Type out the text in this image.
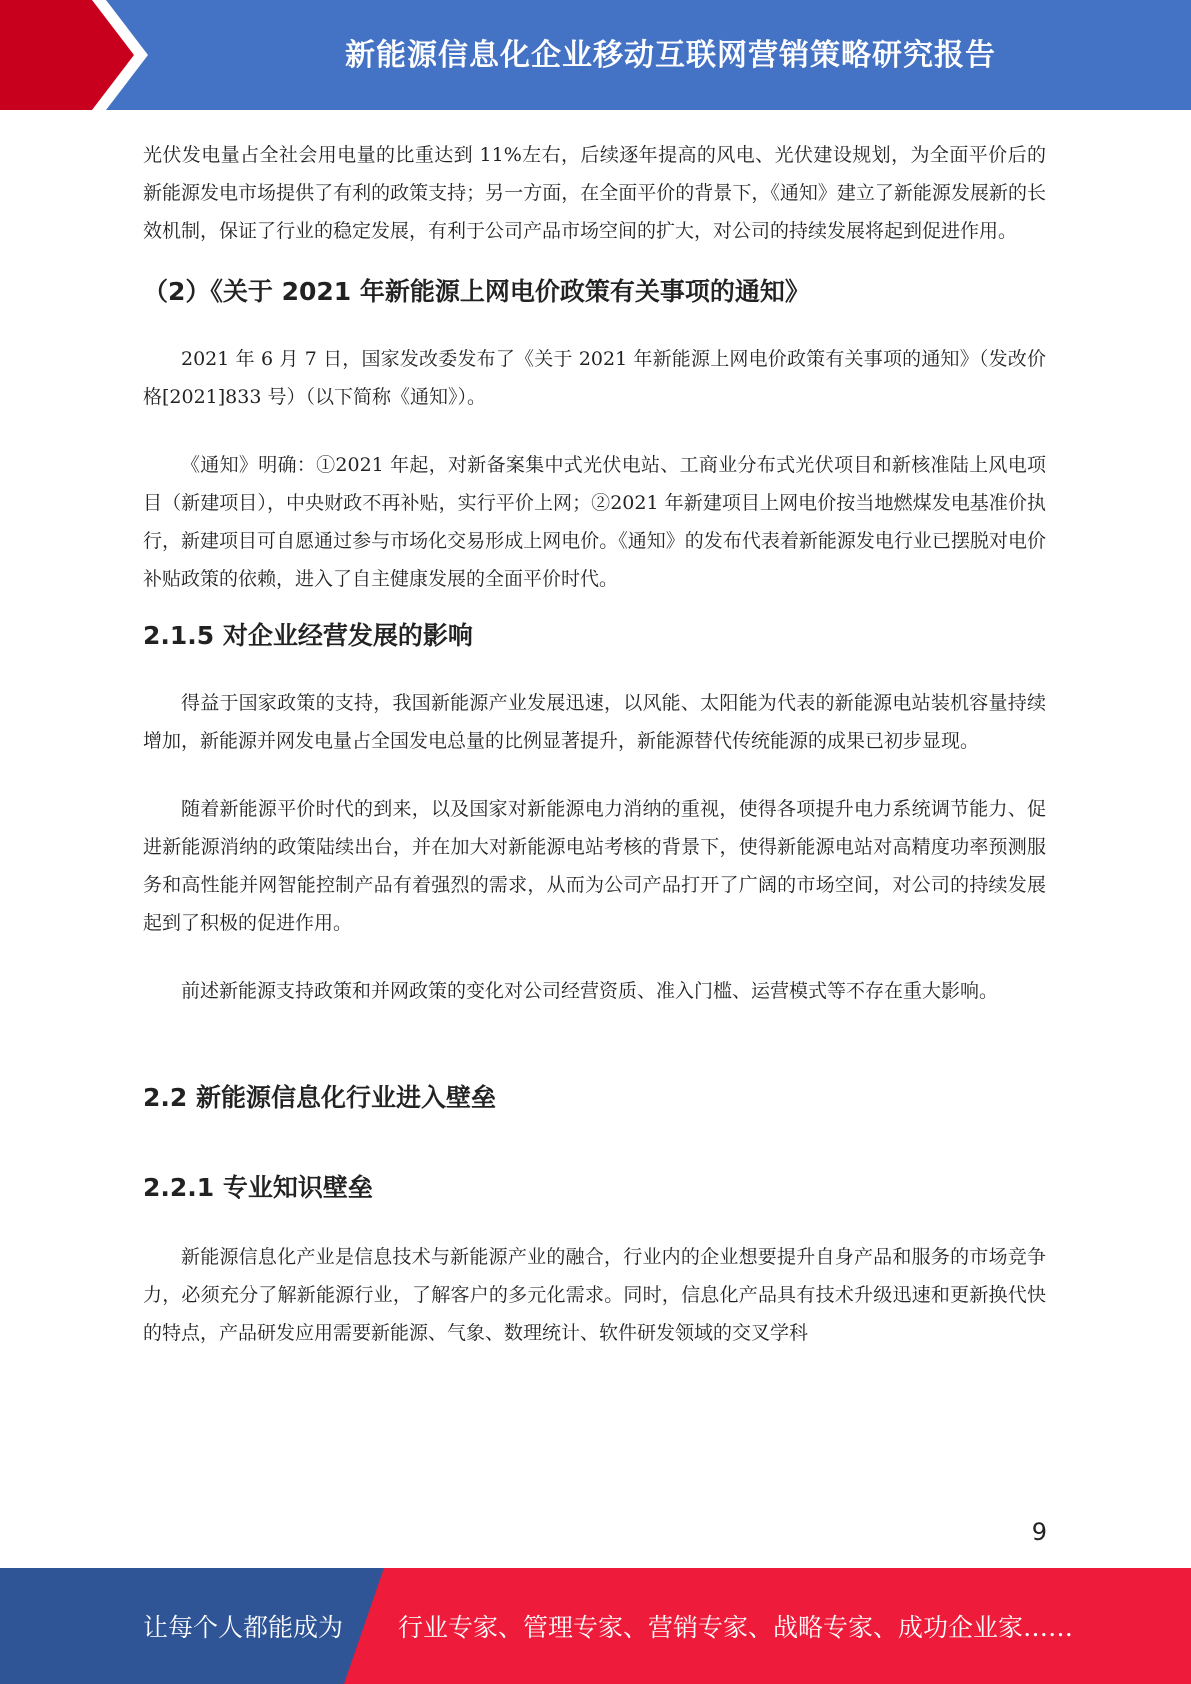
新能源信息化企业移动互联网营销策略研究报告

光伏发电量占全社会用电量的比重达到 11%左右，后续逐年提高的风电、光伏建设规划，为全面平价后的新能源发电市场提供了有利的政策支持；另一方面，在全面平价的背景下，《通知》建立了新能源发展新的长效机制，保证了行业的稳定发展，有利于公司产品市场空间的扩大，对公司的持续发展将起到促进作用。

（2）《关于 2021 年新能源上网电价政策有关事项的通知》

2021 年 6 月 7 日，国家发改委发布了《关于 2021 年新能源上网电价政策有关事项的通知》（发改价格[2021]833 号）（以下简称《通知》）。

《通知》明确：①2021 年起，对新备案集中式光伏电站、工商业分布式光伏项目和新核准陆上风电项目（新建项目），中央财政不再补贴，实行平价上网；②2021 年新建项目上网电价按当地燃煤发电基准价执行，新建项目可自愿通过参与市场化交易形成上网电价。《通知》的发布代表着新能源发电行业已摆脱对电价补贴政策的依赖，进入了自主健康发展的全面平价时代。

2.1.5 对企业经营发展的影响

得益于国家政策的支持，我国新能源产业发展迅速，以风能、太阳能为代表的新能源电站装机容量持续增加，新能源并网发电量占全国发电总量的比例显著提升，新能源替代传统能源的成果已初步显现。

随着新能源平价时代的到来，以及国家对新能源电力消纳的重视，使得各项提升电力系统调节能力、促进新能源消纳的政策陆续出台，并在加大对新能源电站考核的背景下，使得新能源电站对高精度功率预测服务和高性能并网智能控制产品有着强烈的需求，从而为公司产品打开了广阔的市场空间，对公司的持续发展起到了积极的促进作用。

前述新能源支持政策和并网政策的变化对公司经营资质、准入门槛、运营模式等不存在重大影响。

2.2 新能源信息化行业进入壁垒
2.2.1 专业知识壁垒

新能源信息化产业是信息技术与新能源产业的融合，行业内的企业想要提升自身产品和服务的市场竞争力，必须充分了解新能源行业，了解客户的多元化需求。同时，信息化产品具有技术升级迅速和更新换代快的特点，产品研发应用需要新能源、气象、数理统计、软件研发领域的交叉学科

9
让每个人都能成为 行业专家、管理专家、营销专家、战略专家、成功企业家……
